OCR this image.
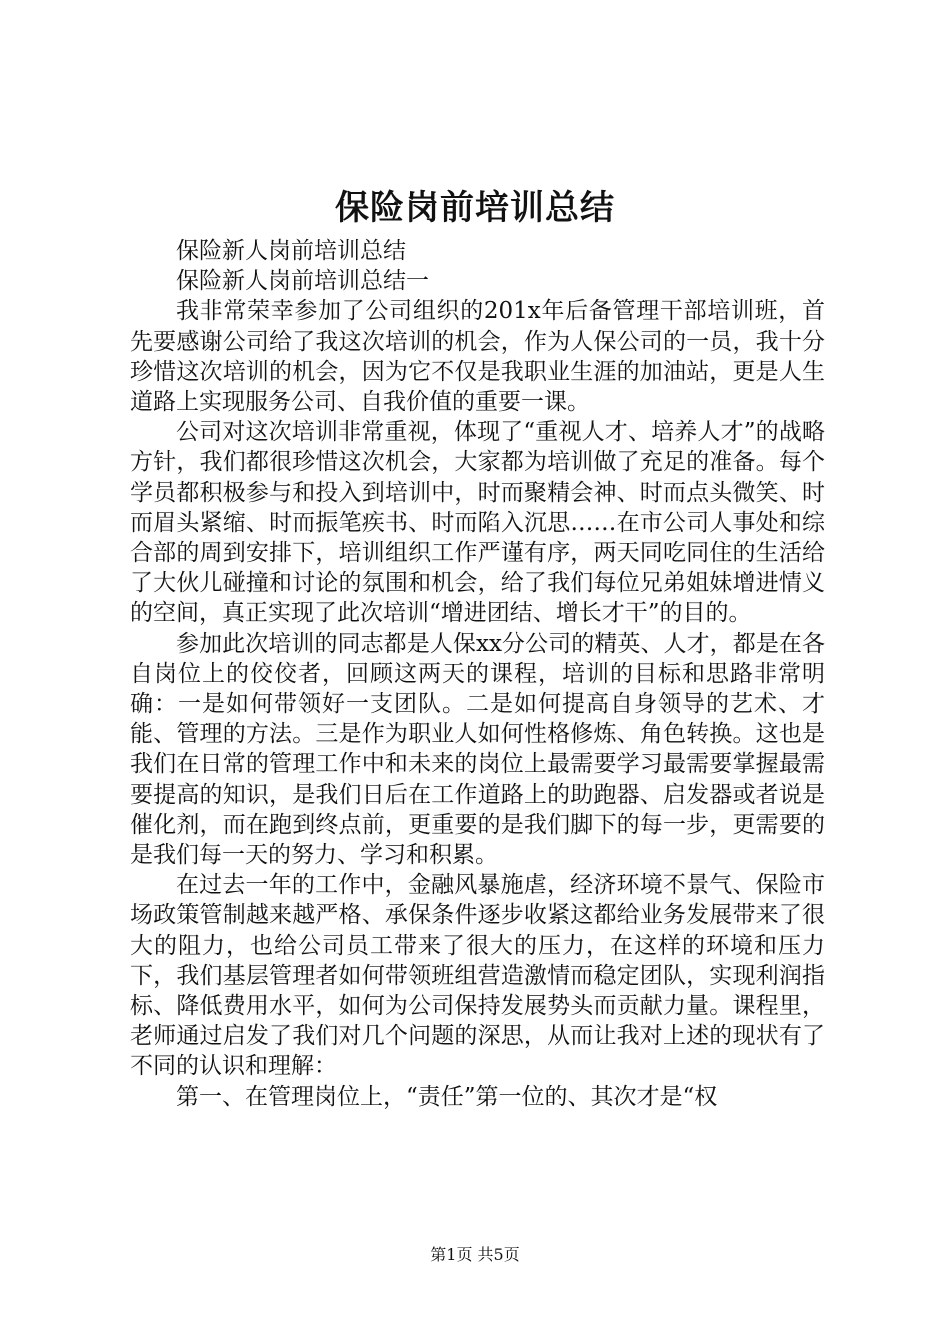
保险岗前培训总结

保险新人岗前培训总结

保险新人岗前培训总结一

我非常荣幸参加了公司组织的201x年后备管理干部培训班，首先要感谢公司给了我这次培训的机会，作为人保公司的一员，我十分珍惜这次培训的机会，因为它不仅是我职业生涯的加油站，更是人生道路上实现服务公司、自我价值的重要一课。

公司对这次培训非常重视，体现了“重视人才、培养人才”的战略方针，我们都很珍惜这次机会，大家都为培训做了充足的准备。每个学员都积极参与和投入到培训中，时而聚精会神、时而点头微笑、时而眉头紧缩、时而振笔疾书、时而陷入沉思……在市公司人事处和综合部的周到安排下，培训组织工作严谨有序，两天同吃同住的生活给了大伙儿碰撞和讨论的氛围和机会，给了我们每位兄弟姐妹增进情义的空间，真正实现了此次培训“增进团结、增长才干”的目的。

参加此次培训的同志都是人保xx分公司的精英、人才，都是在各自岗位上的佼佼者，回顾这两天的课程，培训的目标和思路非常明确：一是如何带领好一支团队。二是如何提高自身领导的艺术、才能、管理的方法。三是作为职业人如何性格修炼、角色转换。这也是我们在日常的管理工作中和未来的岗位上最需要学习最需要掌握最需要提高的知识，是我们日后在工作道路上的助跑器、启发器或者说是催化剂，而在跑到终点前，更重要的是我们脚下的每一步，更需要的是我们每一天的努力、学习和积累。

在过去一年的工作中，金融风暴施虐，经济环境不景气、保险市场政策管制越来越严格、承保条件逐步收紧这都给业务发展带来了很大的阻力，也给公司员工带来了很大的压力，在这样的环境和压力下，我们基层管理者如何带领班组营造激情而稳定团队，实现利润指标、降低费用水平，如何为公司保持发展势头而贡献力量。课程里，老师通过启发了我们对几个问题的深思，从而让我对上述的现状有了不同的认识和理解：

第一、在管理岗位上，“责任”第一位的、其次才是“权

第1页 共5页
